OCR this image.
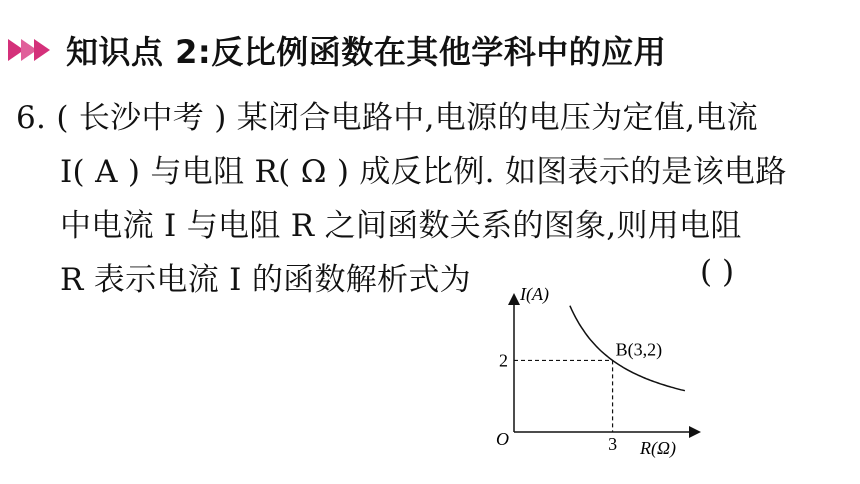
知识点 2:反比例函数在其他学科中的应用
6. ( 长沙中考 ) 某闭合电路中,电源的电压为定值,电流
I( A ) 与电阻 R( Ω ) 成反比例. 如图表示的是该电路
中电流 I 与电阻 R 之间函数关系的图象,则用电阻
R 表示电流 I 的函数解析式为	( )
I(A)
R(Ω)
O	3
2
B(3,2)
